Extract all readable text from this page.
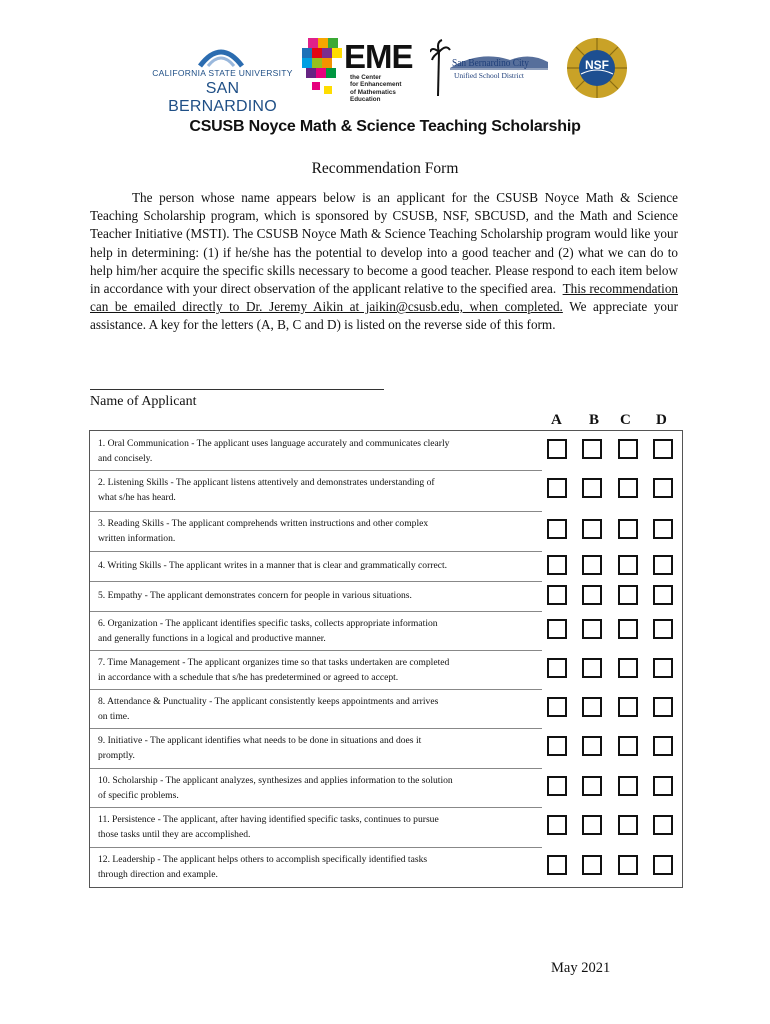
CALIFORNIA STATE UNIVERSITY
SAN BERNARDINO
EME
the Center
for Enhancement
of Mathematics
Education
San Bernardino City
Unified School District
NSF
CSUSB Noyce Math & Science Teaching Scholarship
Recommendation Form
The person whose name appears below is an applicant for the CSUSB Noyce Math & Science Teaching Scholarship program, which is sponsored by CSUSB, NSF, SBCUSD, and the Math and Science Teacher Initiative (MSTI). The CSUSB Noyce Math & Science Teaching Scholarship program would like your help in determining: (1) if he/she has the potential to develop into a good teacher and (2) what we can do to help him/her acquire the specific skills necessary to become a good teacher. Please respond to each item below in accordance with your direct observation of the applicant relative to the specified area. This recommendation can be emailed directly to Dr. Jeremy Aikin at jaikin@csusb.edu, when completed. We appreciate your assistance. A key for the letters (A, B, C and D) is listed on the reverse side of this form.
Name of Applicant
A B C D
1. Oral Communication - The applicant uses language accurately and communicates clearly
and concisely.
2. Listening Skills - The applicant listens attentively and demonstrates understanding of
what s/he has heard.
3. Reading Skills - The applicant comprehends written instructions and other complex
written information.
4. Writing Skills - The applicant writes in a manner that is clear and grammatically correct.
5. Empathy - The applicant demonstrates concern for people in various situations.
6. Organization - The applicant identifies specific tasks, collects appropriate information
and generally functions in a logical and productive manner.
7. Time Management - The applicant organizes time so that tasks undertaken are completed
in accordance with a schedule that s/he has predetermined or agreed to accept.
8. Attendance & Punctuality - The applicant consistently keeps appointments and arrives
on time.
9. Initiative - The applicant identifies what needs to be done in situations and does it
promptly.
10. Scholarship - The applicant analyzes, synthesizes and applies information to the solution
of specific problems.
11. Persistence - The applicant, after having identified specific tasks, continues to pursue
those tasks until they are accomplished.
12. Leadership - The applicant helps others to accomplish specifically identified tasks
through direction and example.
May 2021
